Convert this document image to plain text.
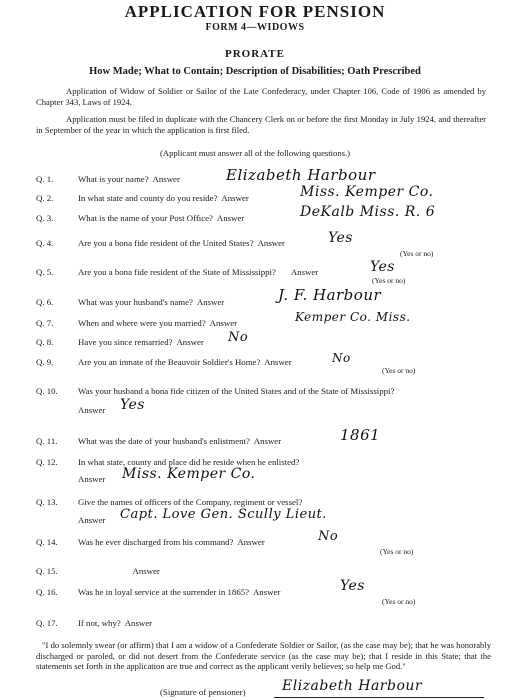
APPLICATION FOR PENSION
FORM 4—WIDOWS
PRORATE
How Made; What to Contain; Description of Disabilities; Oath Prescribed
Application of Widow of Soldier or Sailor of the Late Confederacy, under Chapter 106, Code of 1906 as amended by Chapter 343, Laws of 1924.
Application must be filed in duplicate with the Chancery Clerk on or before the first Monday in July 1924, and thereafter in September of the year in which the application is first filed.
(Applicant must answer all of the following questions.)
Q. 1.	What is your name? Answer	Elizabeth Harbour
Q. 2.	In what state and county do you reside? Answer	Miss. Kemper Co.
Q. 3.	What is the name of your Post Office? Answer	DeKalb Miss. R. 6
Q. 4.	Are you a bona fide resident of the United States? Answer	Yes
(Yes or no)
Q. 5.	Are you a bona fide resident of the State of Mississippi? Answer	Yes
(Yes or no)
Q. 6.	What was your husband's name? Answer	J. F. Harbour
Q. 7.	When and where were you married? Answer	Kemper Co. Miss.
Q. 8.	Have you since remarried? Answer No
Q. 9.	Are you an inmate of the Beauvoir Soldier's Home? Answer	No
(Yes or no)
Q. 10. Was your husband a bona fide citizen of the United States and of the State of Mississippi?
Answer Yes
Q. 11. What was the date of your husband's enlistment? Answer	1861
Q. 12. In what state, county and place did he reside when he enlisted?
Answer Miss. Kemper Co.
Q. 13. Give the names of officers of the Company, regiment or vessel?
Answer Capt. Love Gen. Scully Lieut.
Q. 14. Was he ever discharged from his command? Answer	No
(Yes or no)
Q. 15.	Answer
Q. 16. Was he in loyal service at the surrender in 1865? Answer	Yes
(Yes or no)
Q. 17. If not, why? Answer
"I do solemnly swear (or affirm) that I am a widow of a Confederate Soldier or Sailor, (as the case may be); that he was honorably discharged or paroled, or did not desert from the Confederate service (as the case may be); that I reside in this State; that the statements set forth in the application are true and correct as the applicant verily believes; so help me God."
(Signature of pensioner)	Elizabeth Harbour
